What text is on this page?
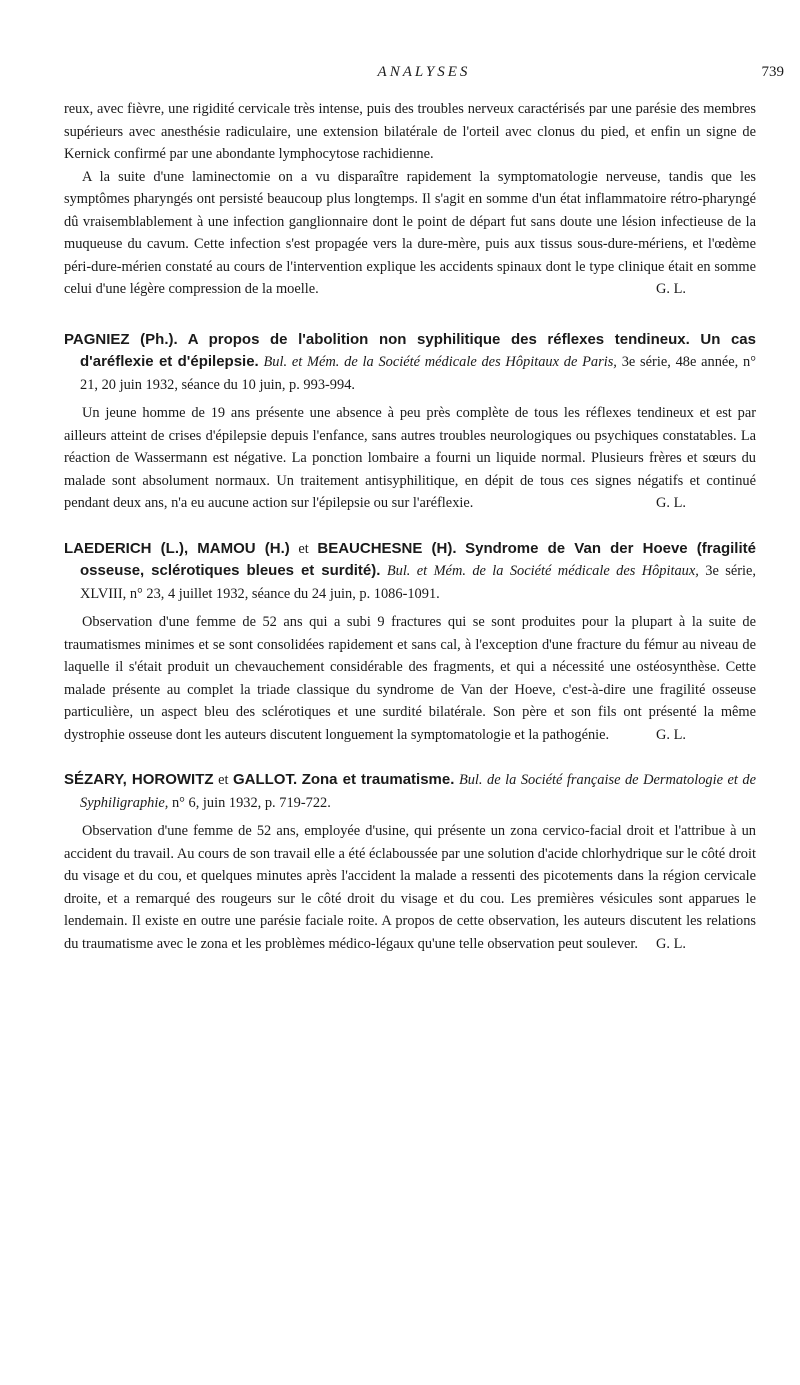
ANALYSES	739

reux, avec fièvre, une rigidité cervicale très intense, puis des troubles nerveux caractérisés par une parésie des membres supérieurs avec anesthésie radiculaire, une extension bilatérale de l'orteil avec clonus du pied, et enfin un signe de Kernick confirmé par une abondante lymphocytose rachidienne.

A la suite d'une laminectomie on a vu disparaître rapidement la symptomatologie nerveuse, tandis que les symptômes pharyngés ont persisté beaucoup plus longtemps. Il s'agit en somme d'un état inflammatoire rétro-pharyngé dû vraisemblablement à une infection ganglionnaire dont le point de départ fut sans doute une lésion infectieuse de la muqueuse du cavum. Cette infection s'est propagée vers la dure-mère, puis aux tissus sous-dure-mériens, et l'œdème péri-dure-mérien constaté au cours de l'intervention explique les accidents spinaux dont le type clinique était en somme celui d'une légère compression de la moelle.	G. L.

PAGNIEZ (Ph.). A propos de l'abolition non syphilitique des réflexes tendineux. Un cas d'aréflexie et d'épilepsie. Bul. et Mém. de la Société médicale des Hôpitaux de Paris, 3e série, 48e année, n° 21, 20 juin 1932, séance du 10 juin, p. 993-994.

Un jeune homme de 19 ans présente une absence à peu près complète de tous les réflexes tendineux et est par ailleurs atteint de crises d'épilepsie depuis l'enfance, sans autres troubles neurologiques ou psychiques constatables. La réaction de Wassermann est négative. La ponction lombaire a fourni un liquide normal. Plusieurs frères et sœurs du malade sont absolument normaux. Un traitement antisyphilitique, en dépit de tous ces signes négatifs et continué pendant deux ans, n'a eu aucune action sur l'épilepsie ou sur l'aréflexie.	G. L.

LAEDERICH (L.), MAMOU (H.) et BEAUCHESNE (H). Syndrome de Van der Hoeve (fragilité osseuse, sclérotiques bleues et surdité). Bul. et Mém. de la Société médicale des Hôpitaux, 3e série, XLVIII, n° 23, 4 juillet 1932, séance du 24 juin, p. 1086-1091.

Observation d'une femme de 52 ans qui a subi 9 fractures qui se sont produites pour la plupart à la suite de traumatismes minimes et se sont consolidées rapidement et sans cal, à l'exception d'une fracture du fémur au niveau de laquelle il s'était produit un chevauchement considérable des fragments, et qui a nécessité une ostéosynthèse. Cette malade présente au complet la triade classique du syndrome de Van der Hoeve, c'est-à-dire une fragilité osseuse particulière, un aspect bleu des sclérotiques et une surdité bilatérale. Son père et son fils ont présenté la même dystrophie osseuse dont les auteurs discutent longuement la symptomatologie et la pathogénie.	G. L.

SÉZARY, HOROWITZ et GALLOT. Zona et traumatisme. Bul. de la Société française de Dermatologie et de Syphiligraphie, n° 6, juin 1932, p. 719-722.

Observation d'une femme de 52 ans, employée d'usine, qui présente un zona cervico-facial droit et l'attribue à un accident du travail. Au cours de son travail elle a été éclaboussée par une solution d'acide chlorhydrique sur le côté droit du visage et du cou, et quelques minutes après l'accident la malade a ressenti des picotements dans la région cervicale droite, et a remarqué des rougeurs sur le côté droit du visage et du cou. Les premières vésicules sont apparues le lendemain. Il existe en outre une parésie faciale roite. A propos de cette observation, les auteurs discutent les relations du traumatisme avec le zona et les problèmes médico-légaux qu'une telle observation peut soulever.	G. L.
